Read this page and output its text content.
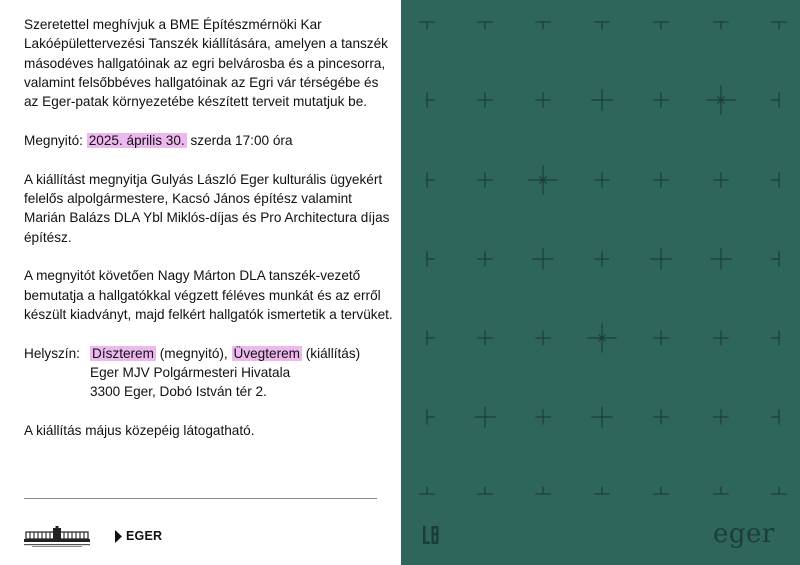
Szeretettel meghívjuk a BME Építészmérnöki Kar Lakóépülettervezési Tanszék kiállítására, amelyen a tanszék másodéves hallgatóinak az egri belvárosba és a pincesorra, valamint felsőbbéves hallgatóinak az Egri vár térségébe és az Eger-patak környezetébe készített terveit mutatjuk be.

Megnyitó: 2025. április 30. szerda 17:00 óra

A kiállítást megnyitja Gulyás László Eger kulturális ügyekért felelős alpolgármestere, Kacsó János építész valamint Marián Balázs DLA Ybl Miklós-díjas és Pro Architectura díjas építész.

A megnyitót követően Nagy Márton DLA tanszék-vezető bemutatja a hallgatókkal végzett féléves munkát és az erről készült kiadványt, majd felkért hallgatók ismertetik a tervüket.

Helyszín: Díszterem (megnyitó), Üvegterem (kiállítás)
Eger MJV Polgármesteri Hivatala
3300 Eger, Dobó István tér 2.

A kiállítás május közepéig látogatható.

EGER	eger
